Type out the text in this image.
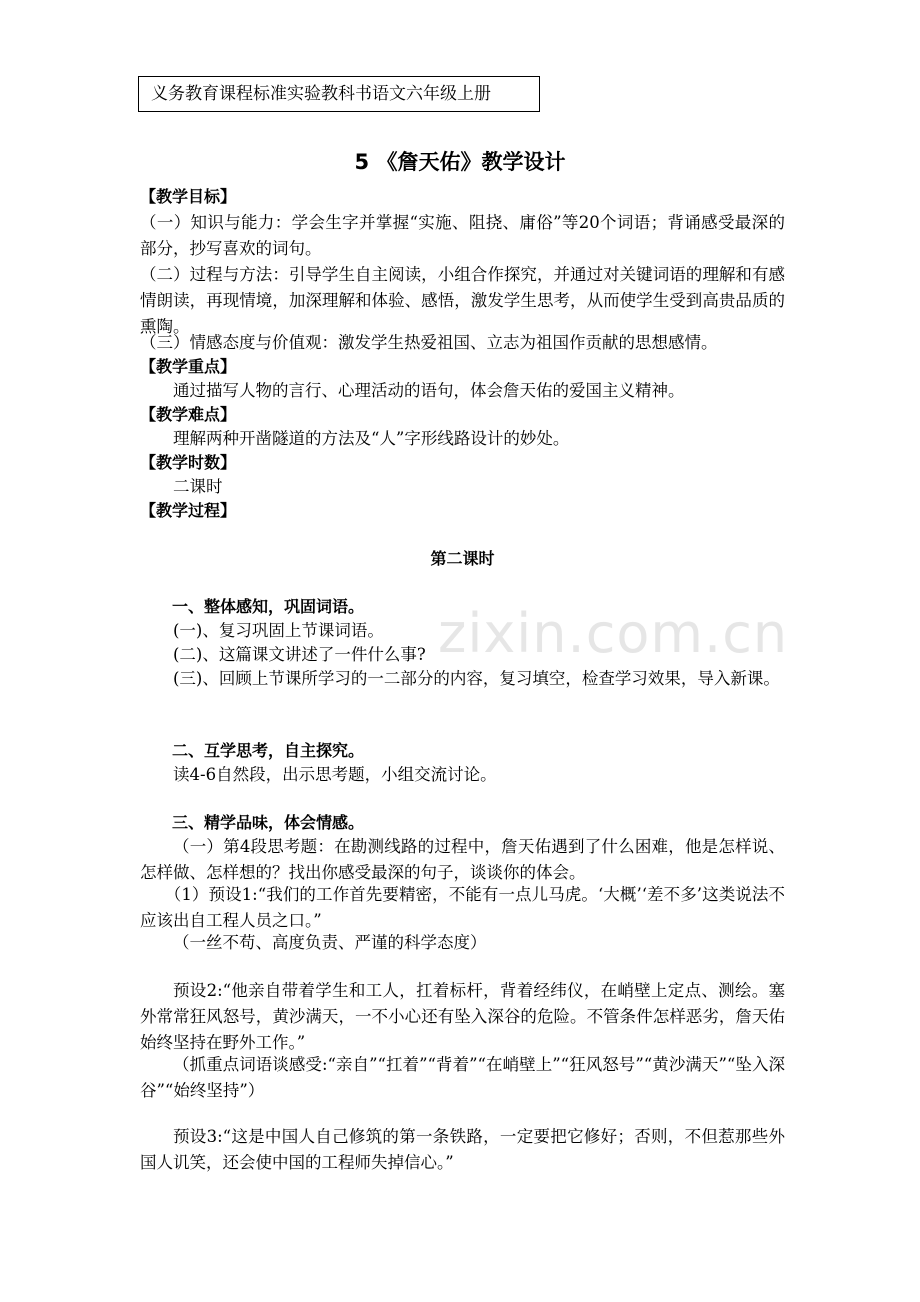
义务教育课程标准实验教科书语文六年级上册
5 《詹天佑》教学设计
【教学目标】
（一）知识与能力：学会生字并掌握“实施、阻挠、庸俗”等20个词语；背诵感受最深的部分，抄写喜欢的词句。
（二）过程与方法：引导学生自主阅读，小组合作探究，并通过对关键词语的理解和有感情朗读，再现情境，加深理解和体验、感悟，激发学生思考，从而使学生受到高贵品质的熏陶。
（三）情感态度与价值观：激发学生热爱祖国、立志为祖国作贡献的思想感情。
【教学重点】
通过描写人物的言行、心理活动的语句，体会詹天佑的爱国主义精神。
【教学难点】
理解两种开凿隧道的方法及“人”字形线路设计的妙处。
【教学时数】
二课时
【教学过程】
第二课时
zixin.com.cn
一、整体感知，巩固词语。
(一)、复习巩固上节课词语。
(二)、这篇课文讲述了一件什么事?
(三)、回顾上节课所学习的一二部分的内容，复习填空，检查学习效果，导入新课。
二、互学思考，自主探究。
读4-6自然段，出示思考题，小组交流讨论。
三、精学品味，体会情感。
（一）第4段思考题：在勘测线路的过程中，詹天佑遇到了什么困难，他是怎样说、怎样做、怎样想的？找出你感受最深的句子，谈谈你的体会。
（1）预设1:“我们的工作首先要精密，不能有一点儿马虎。‘大概’‘差不多’这类说法不应该出自工程人员之口。”
（一丝不苟、高度负责、严谨的科学态度）
预设2:“他亲自带着学生和工人，扛着标杆，背着经纬仪，在峭壁上定点、测绘。塞外常常狂风怒号，黄沙满天，一不小心还有坠入深谷的危险。不管条件怎样恶劣，詹天佑始终坚持在野外工作。”
（抓重点词语谈感受:“亲自”“扛着”“背着”“在峭壁上”“狂风怒号”“黄沙满天”“坠入深谷”“始终坚持”）
预设3:“这是中国人自己修筑的第一条铁路，一定要把它修好；否则，不但惹那些外国人讥笑，还会使中国的工程师失掉信心。”
